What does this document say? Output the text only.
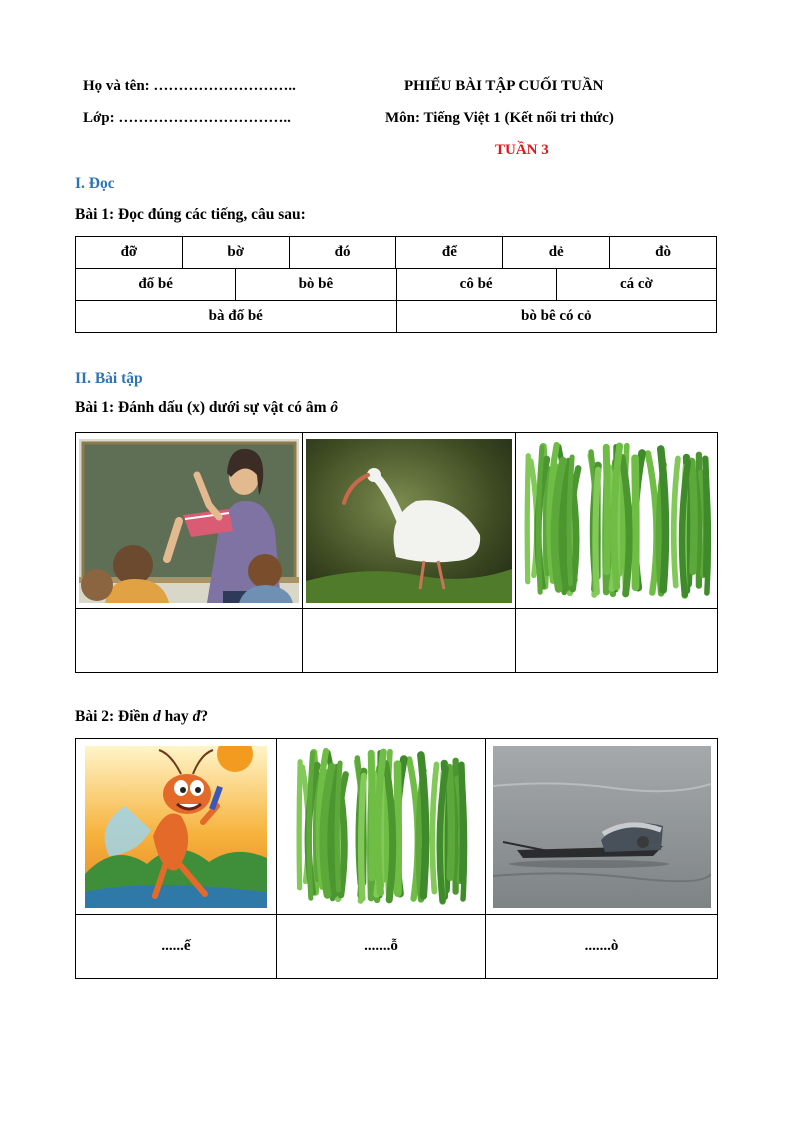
Họ và tên: ………………………..
Lớp: ……………………………..
PHIẾU BÀI TẬP CUỐI TUẦN
Môn: Tiếng Việt 1 (Kết nối tri thức)
TUẦN 3
I. Đọc
Bài 1: Đọc đúng các tiếng, câu sau:
đỡ	bờ	đó	để	dẻ	đò
đố bé	bò bê	cô bé	cá cờ
bà đố bé	bò bê có cỏ
II. Bài tập
Bài 1: Đánh dấu (x) dưới sự vật có âm ô

Bài 2: Điền d hay đ?

......ế	.......ỗ	.......ò
